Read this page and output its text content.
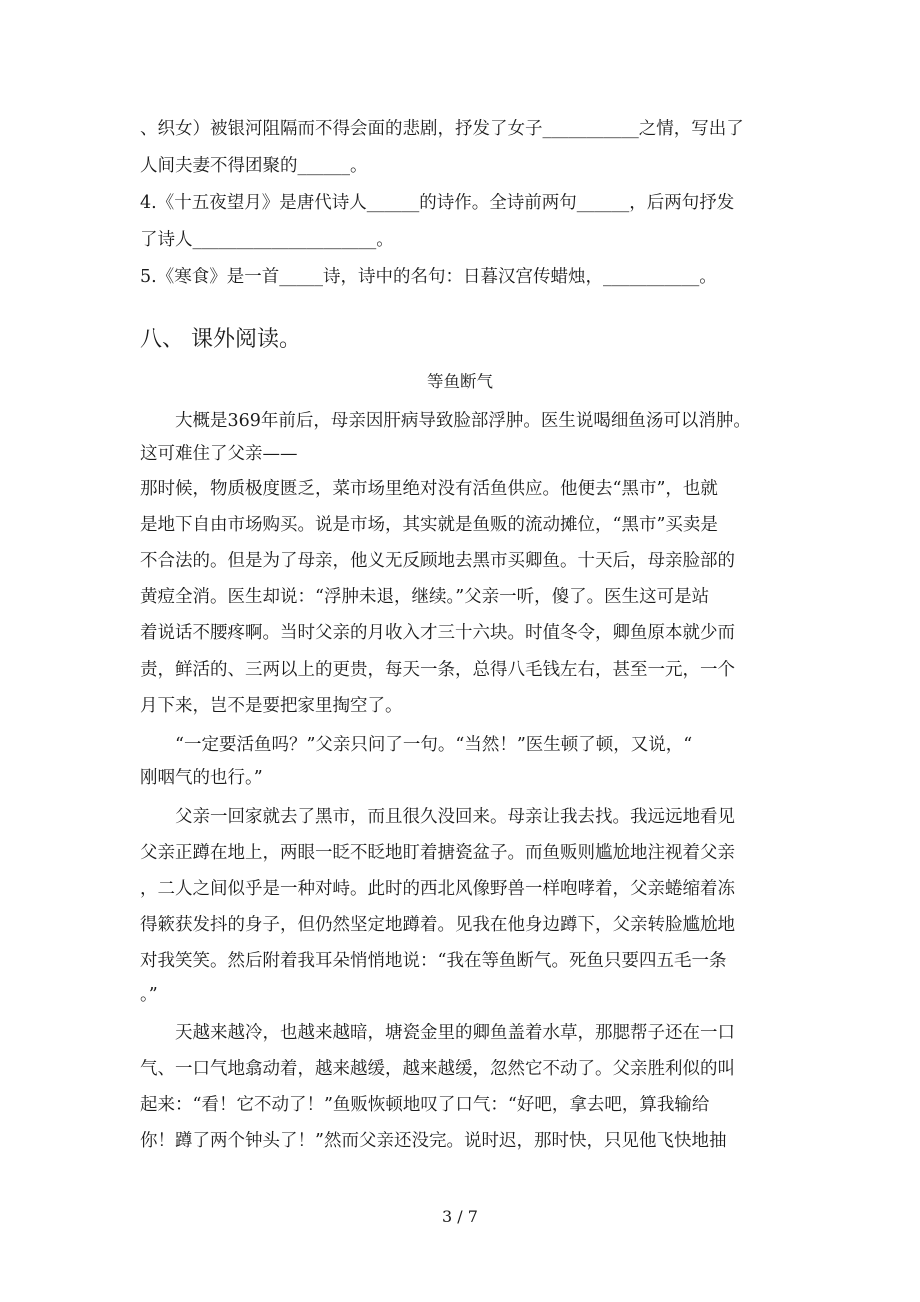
、织女）被银河阻隔而不得会面的悲剧，抒发了女子___________之情，写出了
人间夫妻不得团聚的______。
4.《十五夜望月》是唐代诗人______的诗作。全诗前两句______，后两句抒发
了诗人_____________________。
5.《寒食》是一首_____诗，诗中的名句：日暮汉宫传蜡烛，___________。
八、 课外阅读。
等鱼断气
　　大概是369年前后，母亲因肝病导致脸部浮肿。医生说喝细鱼汤可以消肿。
这可难住了父亲——
那时候，物质极度匮乏，菜市场里绝对没有活鱼供应。他便去“黑市”，也就
是地下自由市场购买。说是市场，其实就是鱼贩的流动摊位，“黑市”买卖是
不合法的。但是为了母亲，他义无反顾地去黑市买卿鱼。十天后，母亲脸部的
黄痘全消。医生却说：“浮肿未退，继续。”父亲一听，傻了。医生这可是站
着说话不腰疼啊。当时父亲的月收入才三十六块。时值冬令，卿鱼原本就少而
责，鲜活的、三两以上的更贵，每天一条，总得八毛钱左右，甚至一元，一个
月下来，岂不是要把家里掏空了。
　　“一定要活鱼吗？”父亲只问了一句。“当然！”医生顿了顿，又说，“
刚咽气的也行。”
　　父亲一回家就去了黑市，而且很久没回来。母亲让我去找。我远远地看见
父亲正蹲在地上，两眼一眨不眨地盯着搪瓷盆子。而鱼贩则尴尬地注视着父亲
，二人之间似乎是一种对峙。此时的西北风像野兽一样咆哮着，父亲蜷缩着冻
得簌获发抖的身子，但仍然坚定地蹲着。见我在他身边蹲下，父亲转脸尴尬地
对我笑笑。然后附着我耳朵悄悄地说：“我在等鱼断气。死鱼只要四五毛一条
。”
　　天越来越冷，也越来越暗，塘瓷金里的卿鱼盖着水草，那腮帮子还在一口
气、一口气地翕动着，越来越缓，越来越缓，忽然它不动了。父亲胜利似的叫
起来：“看！它不动了！”鱼贩恢顿地叹了口气：“好吧，拿去吧，算我输给
你！蹲了两个钟头了！”然而父亲还没完。说时迟，那时快，只见他飞快地抽
3 / 7
